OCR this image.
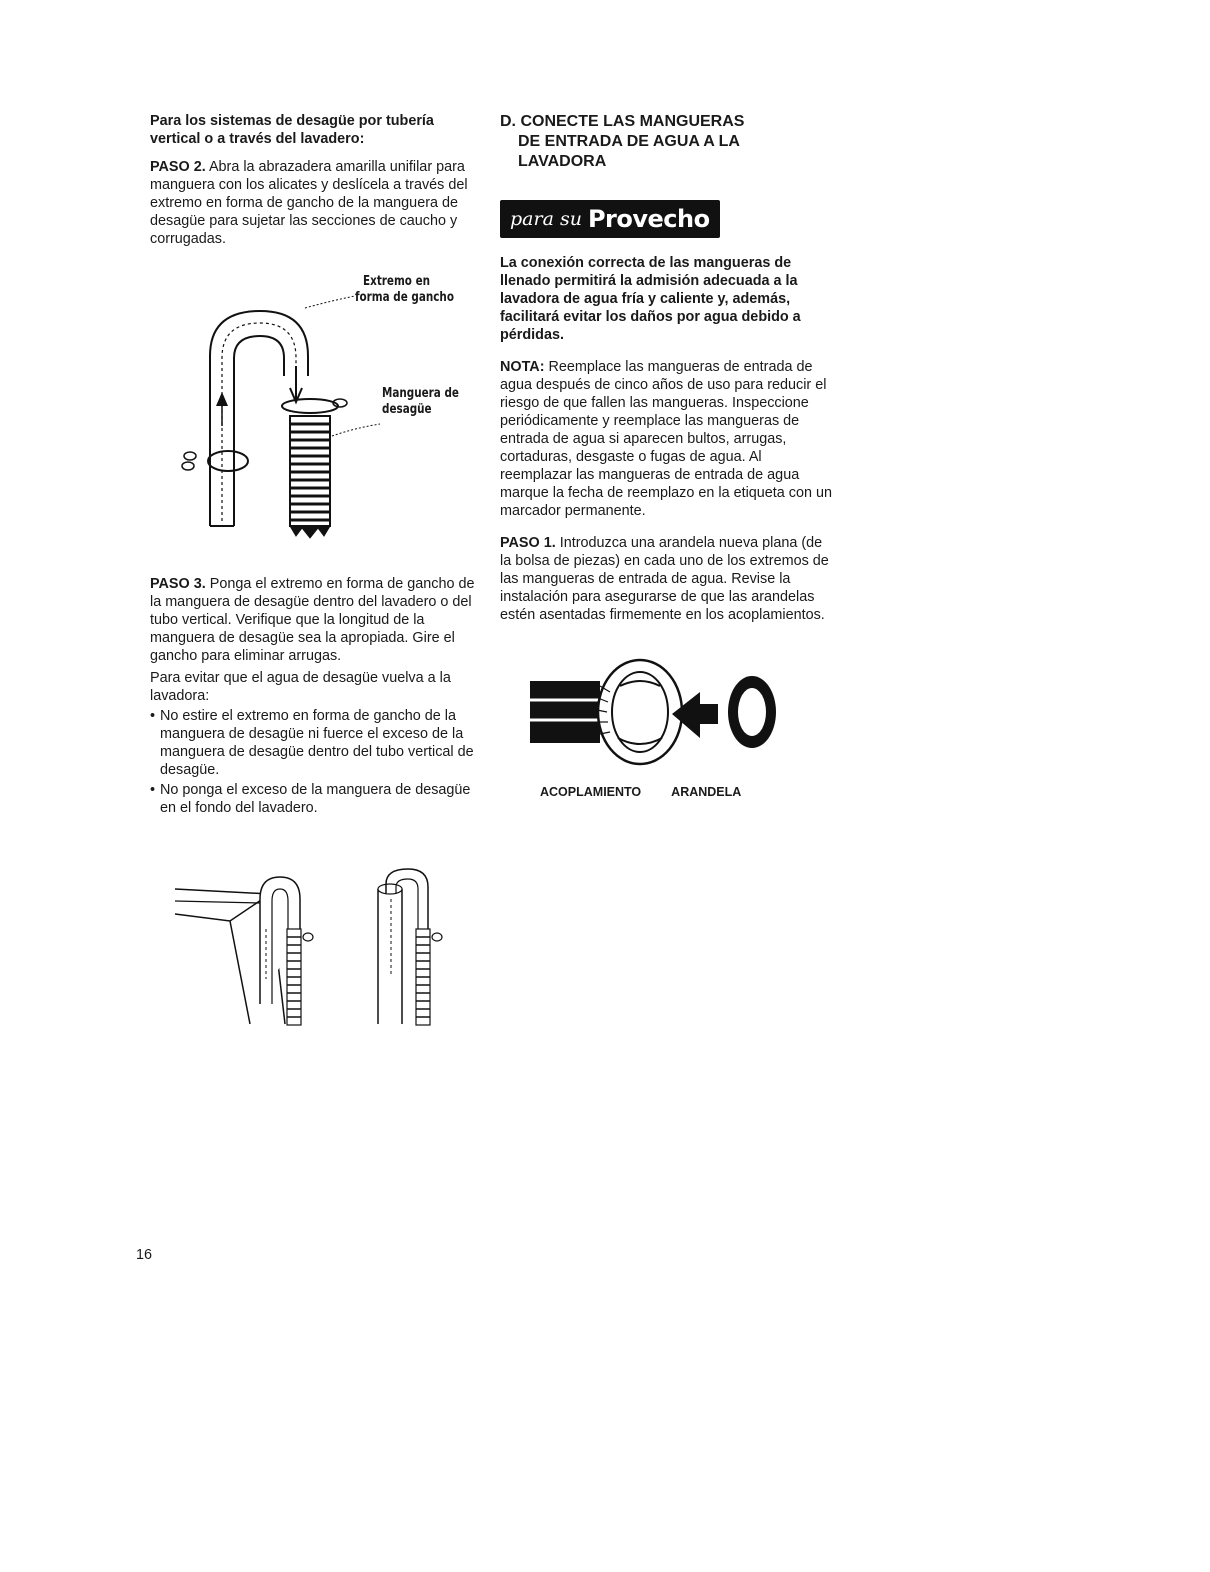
Para los sistemas de desagüe por tubería vertical o a través del lavadero:

PASO 2. Abra la abrazadera amarilla unifilar para manguera con los alicates y deslícela a través del extremo en forma de gancho de la manguera de desagüe para sujetar las secciones de caucho y corrugadas.

Extremo en
forma de gancho
Manguera de
desagüe

PASO 3. Ponga el extremo en forma de gancho de la manguera de desagüe dentro del lavadero o del tubo vertical. Verifique que la longitud de la manguera de desagüe sea la apropiada. Gire el gancho para eliminar arrugas.

Para evitar que el agua de desagüe vuelva a la lavadora:

• No estire el extremo en forma de gancho de la manguera de desagüe ni fuerce el exceso de la manguera de desagüe dentro del tubo vertical de desagüe.
• No ponga el exceso de la manguera de desagüe en el fondo del lavadero.
D. CONECTE LAS MANGUERAS
DE ENTRADA DE AGUA A LA
LAVADORA
para su Provecho

La conexión correcta de las mangueras de llenado permitirá la admisión adecuada a la lavadora de agua fría y caliente y, además, facilitará evitar los daños por agua debido a pérdidas.

NOTA: Reemplace las mangueras de entrada de agua después de cinco años de uso para reducir el riesgo de que fallen las mangueras. Inspeccione periódicamente y reemplace las mangueras de entrada de agua si aparecen bultos, arrugas, cortaduras, desgaste o fugas de agua. Al reemplazar las mangueras de entrada de agua marque la fecha de reemplazo en la etiqueta con un marcador permanente.

PASO 1. Introduzca una arandela nueva plana (de la bolsa de piezas) en cada uno de los extremos de las mangueras de entrada de agua. Revise la instalación para asegurarse de que las arandelas estén asentadas firmemente en los acoplamientos.

ACOPLAMIENTO ARANDELA
16
